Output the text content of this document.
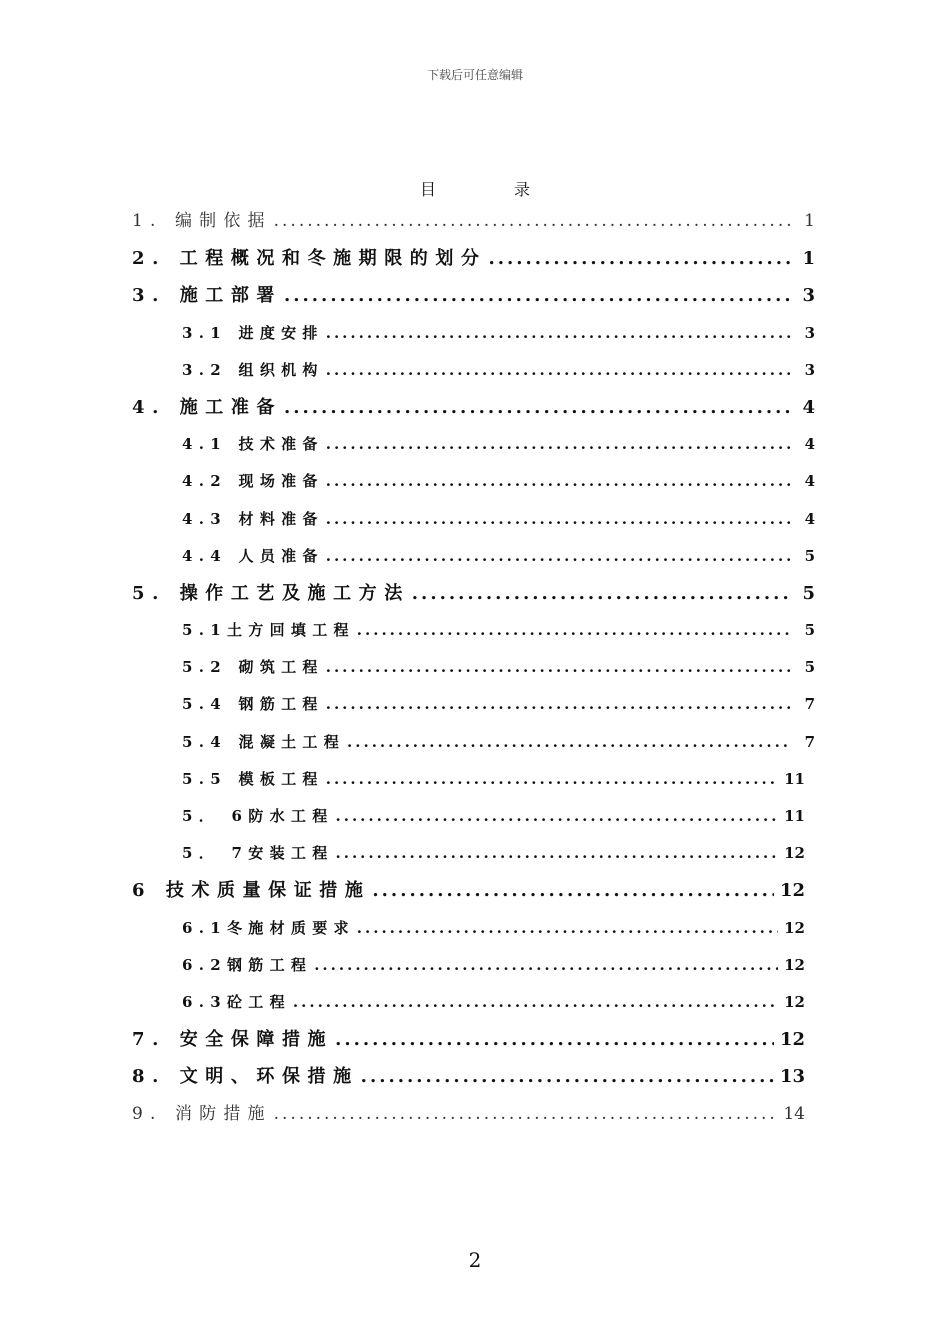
下载后可任意编辑
目录
1. 编制依据 .....	1
2. 工程概况和冬施期限的划分 .....	1
3. 施工部署 .....	3
3.1 进度安排 .....	3
3.2 组织机构 .....	3
4. 施工准备 .....	4
4.1 技术准备 .....	4
4.2 现场准备 .....	4
4.3 材料准备 .....	4
4.4 人员准备 .....	5
5. 操作工艺及施工方法 .....	5
5.1土方回填工程 .....	5
5.2 砌筑工程 .....	5
5.4 钢筋工程 .....	7
5.4 混凝土工程 .....	7
5.5 模板工程 .....	11
5． 6防水工程 .....	11
5． 7安装工程 .....	12
6 技术质量保证措施 .....	12
6.1冬施材质要求 .....	12
6.2钢筋工程 .....	12
6.3砼工程 .....	12
7. 安全保障措施 .....	12
8. 文明、环保措施 .....	13
9. 消防措施 .....	14
2
